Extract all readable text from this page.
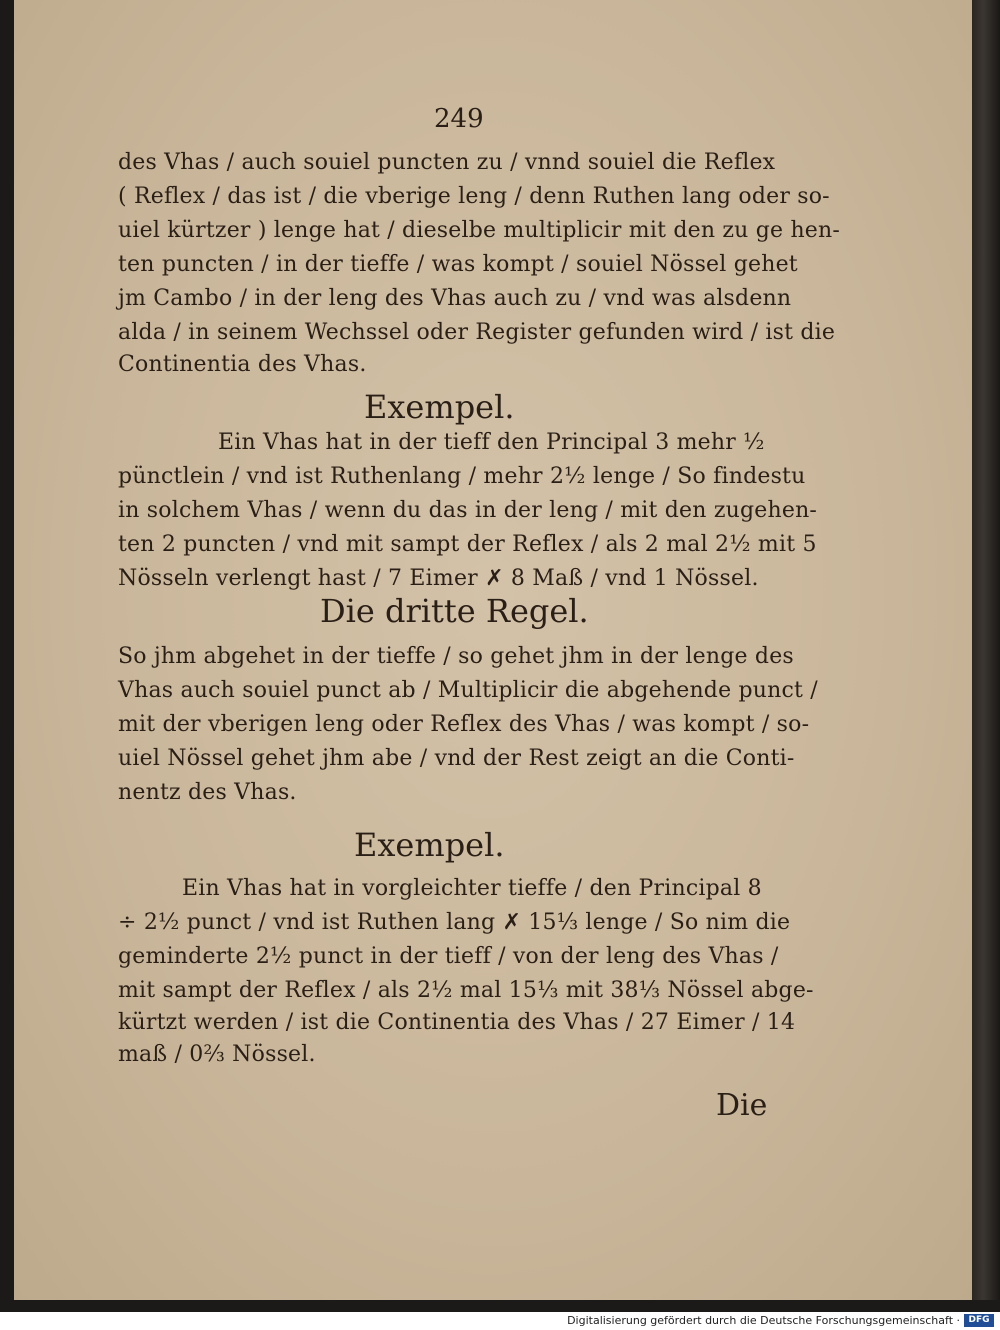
249
des Vhas / auch souiel puncten zu / vnnd souiel die Reflex
( Reflex / das ist / die vberige leng / denn Ruthen lang oder so-
uiel kürtzer ) lenge hat / dieselbe multiplicir mit den zu ge hen-
ten puncten / in der tieffe / was kompt / souiel Nössel gehet
jm Cambo / in der leng des Vhas auch zu / vnd was alsdenn
alda / in seinem Wechssel oder Register gefunden wird / ist die
Continentia des Vhas.
Exempel.
Ein Vhas hat in der tieff den Principal 3 mehr ½
pünctlein / vnd ist Ruthenlang / mehr 2½ lenge / So findestu
in solchem Vhas / wenn du das in der leng / mit den zugehen-
ten 2 puncten / vnd mit sampt der Reflex / als 2 mal 2½ mit 5
Nösseln verlengt hast / 7 Eimer ✗ 8 Maß / vnd 1 Nössel.
Die dritte Regel.
So jhm abgehet in der tieffe / so gehet jhm in der lenge des
Vhas auch souiel punct ab / Multiplicir die abgehende punct /
mit der vberigen leng oder Reflex des Vhas / was kompt / so-
uiel Nössel gehet jhm abe / vnd der Rest zeigt an die Conti-
nentz des Vhas.
Exempel.
Ein Vhas hat in vorgleichter tieffe / den Principal 8
÷ 2½ punct / vnd ist Ruthen lang ✗ 15⅓ lenge / So nim die
geminderte 2½ punct in der tieff / von der leng des Vhas /
mit sampt der Reflex / als 2½ mal 15⅓ mit 38⅓ Nössel abge-
kürtzt werden / ist die Continentia des Vhas / 27 Eimer / 14
maß / 0⅔ Nössel.
Die
Digitalisierung gefördert durch die Deutsche Forschungsgemeinschaft · DFG
